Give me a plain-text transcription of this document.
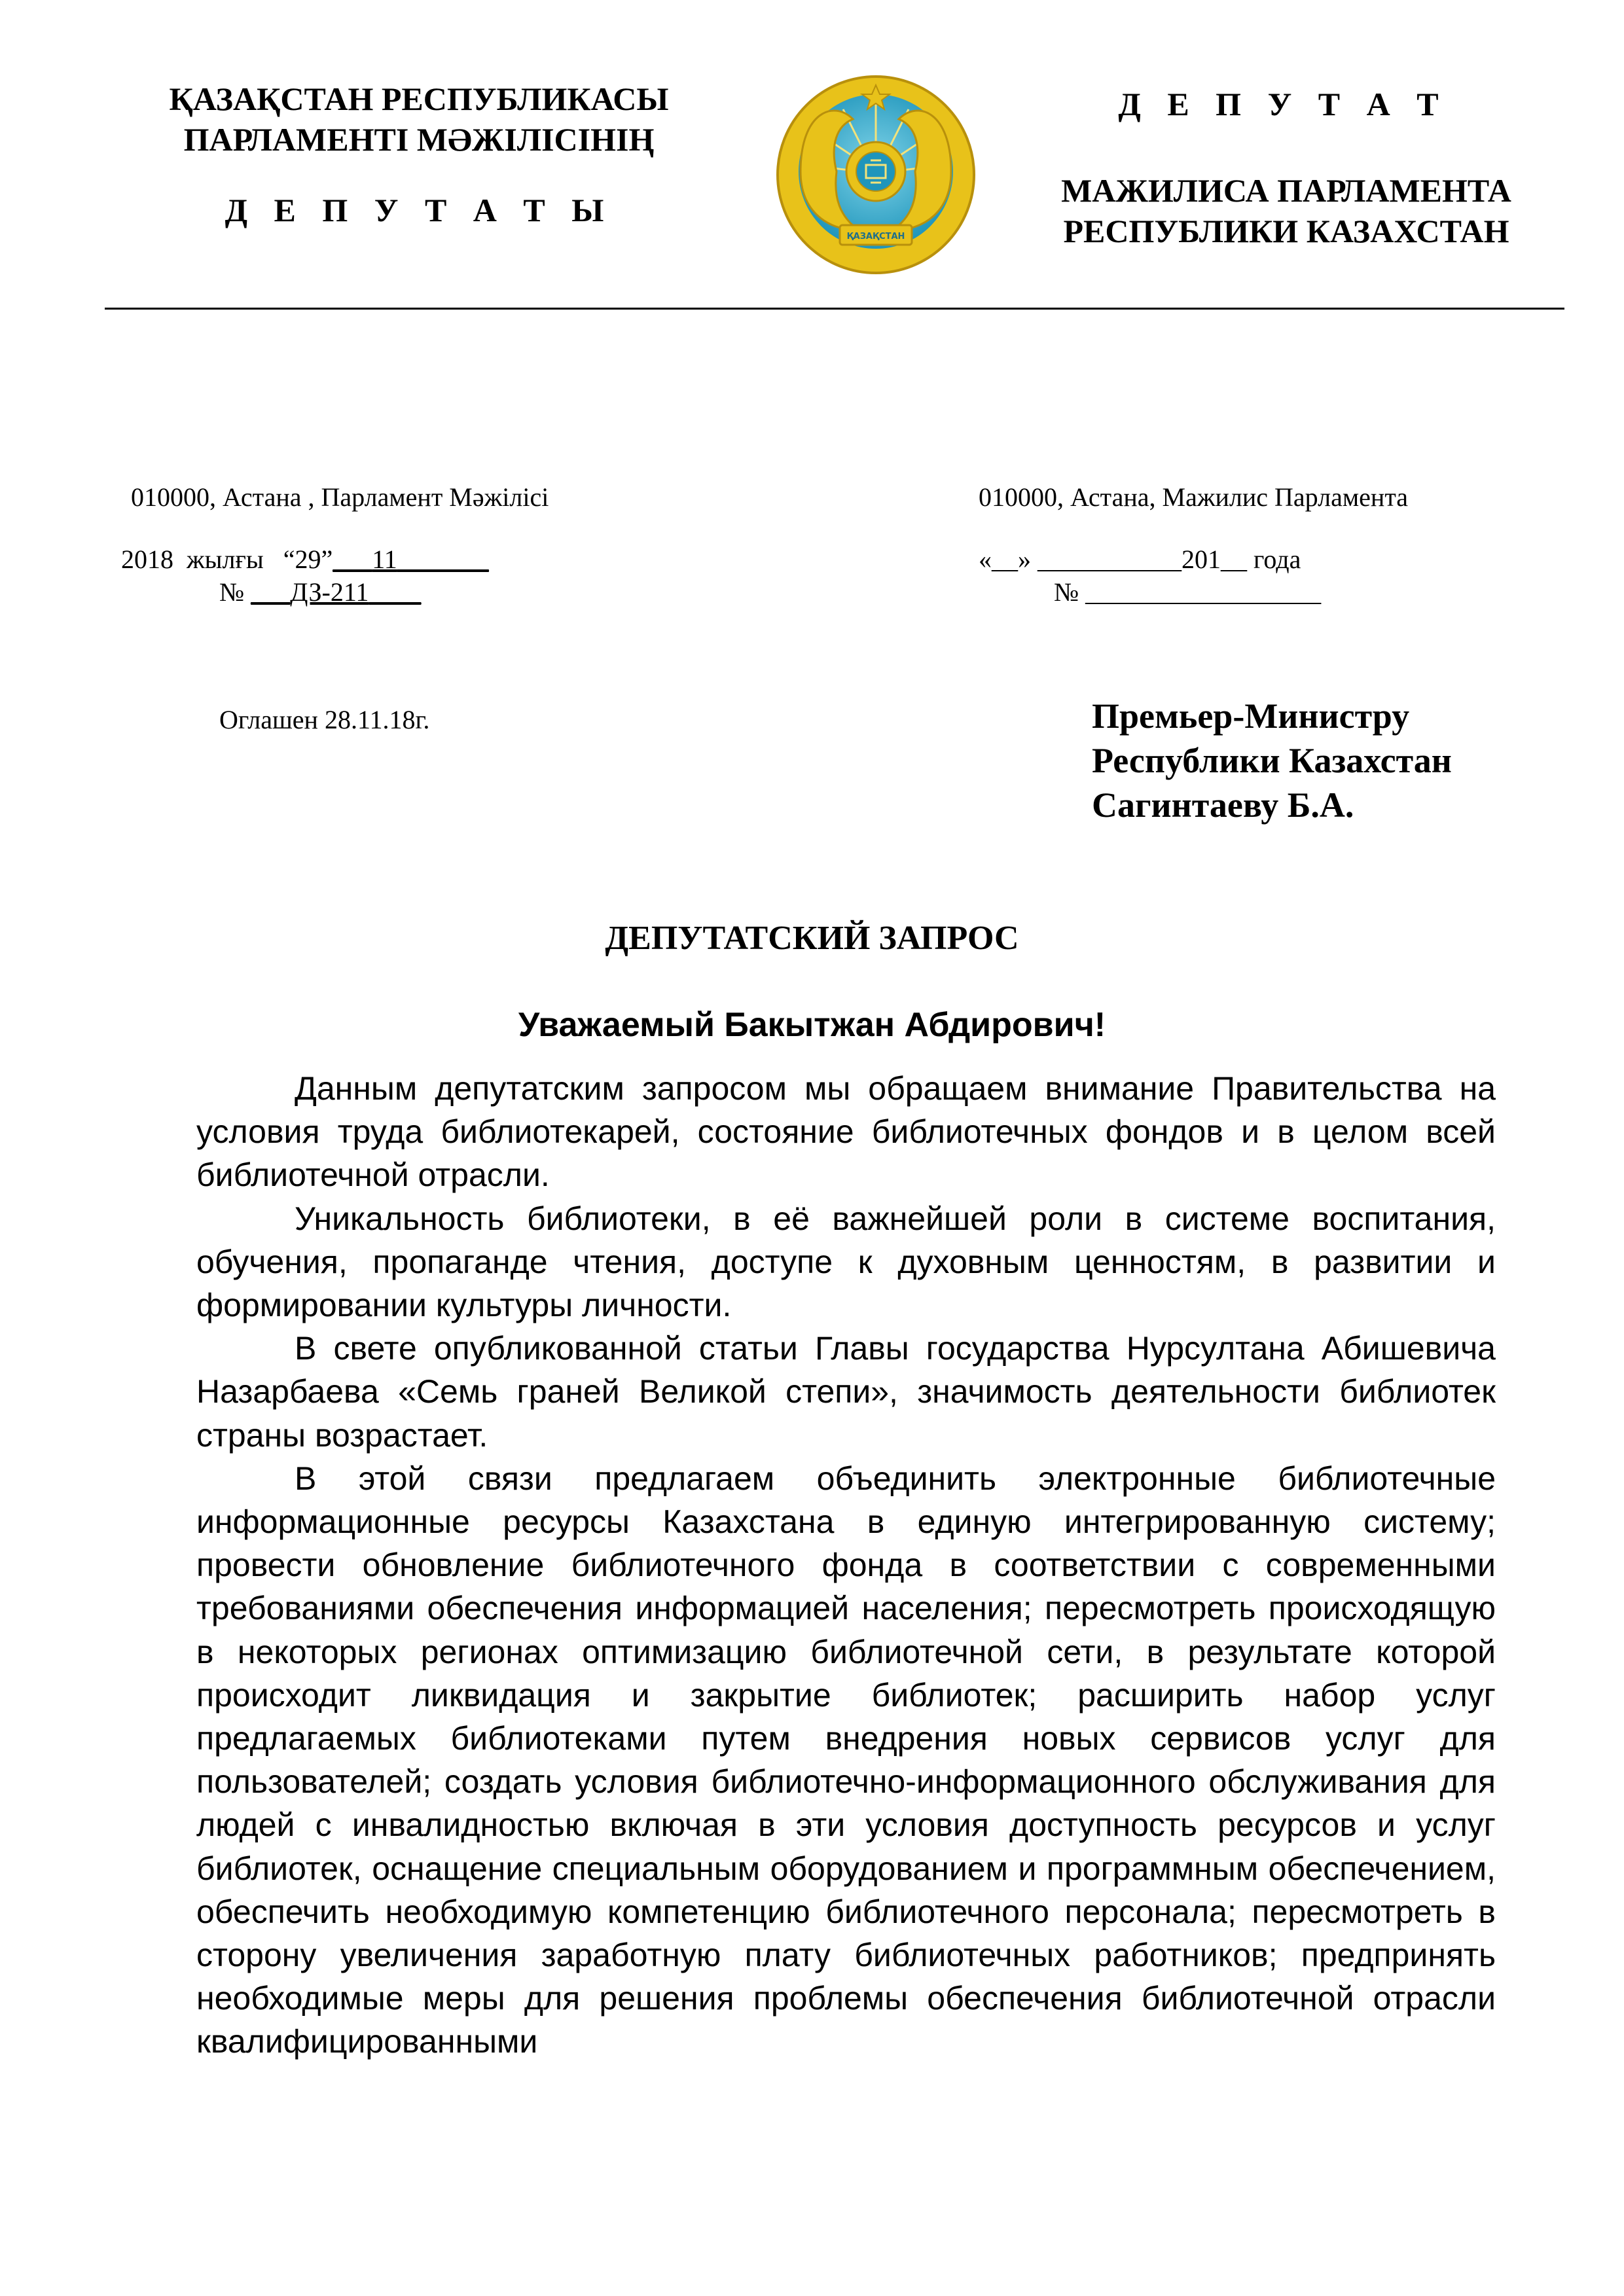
ҚАЗАҚСТАН РЕСПУБЛИКАСЫ
ПАРЛАМЕНТІ МӘЖІЛІСІНІҢ
Д Е П У Т А Т Ы
ҚАЗАҚСТАН
Д Е П У Т А Т
МАЖИЛИСА ПАРЛАМЕНТА
РЕСПУБЛИКИ КАЗАХСТАН
010000, Астана , Парламент Мәжілісі
2018 жылғы “29”___11_______
№ ___ДЗ-211____
010000, Астана, Мажилис Парламента
«__» ___________201__ года
№ __________________
Оглашен 28.11.18г.	Премьер-Министру
Республики Казахстан
Сагинтаеву Б.А.
ДЕПУТАТСКИЙ ЗАПРОС
Уважаемый Бакытжан Абдирович!

Данным депутатским запросом мы обращаем внимание Правительства на условия труда библиотекарей, состояние библиотечных фондов и в целом всей библиотечной отрасли.

Уникальность библиотеки, в её важнейшей роли в системе воспитания, обучения, пропаганде чтения, доступе к духовным ценностям, в развитии и формировании культуры личности.

В свете опубликованной статьи Главы государства Нурсултана Абишевича Назарбаева «Семь граней Великой степи», значимость деятельности библиотек страны возрастает.

В этой связи предлагаем объединить электронные библиотечные информационные ресурсы Казахстана в единую интегрированную систему; провести обновление библиотечного фонда в соответствии с современными требованиями обеспечения информацией населения; пересмотреть происходящую в некоторых регионах оптимизацию библиотечной сети, в результате которой происходит ликвидация и закрытие библиотек; расширить набор услуг предлагаемых библиотеками путем внедрения новых сервисов услуг для пользователей; создать условия библиотечно-информационного обслуживания для людей с инвалидностью включая в эти условия доступность ресурсов и услуг библиотек, оснащение специальным оборудованием и программным обеспечением, обеспечить необходимую компетенцию библиотечного персонала; пересмотреть в сторону увеличения заработную плату библиотечных работников; предпринять необходимые меры для решения проблемы обеспечения библиотечной отрасли квалифицированными
